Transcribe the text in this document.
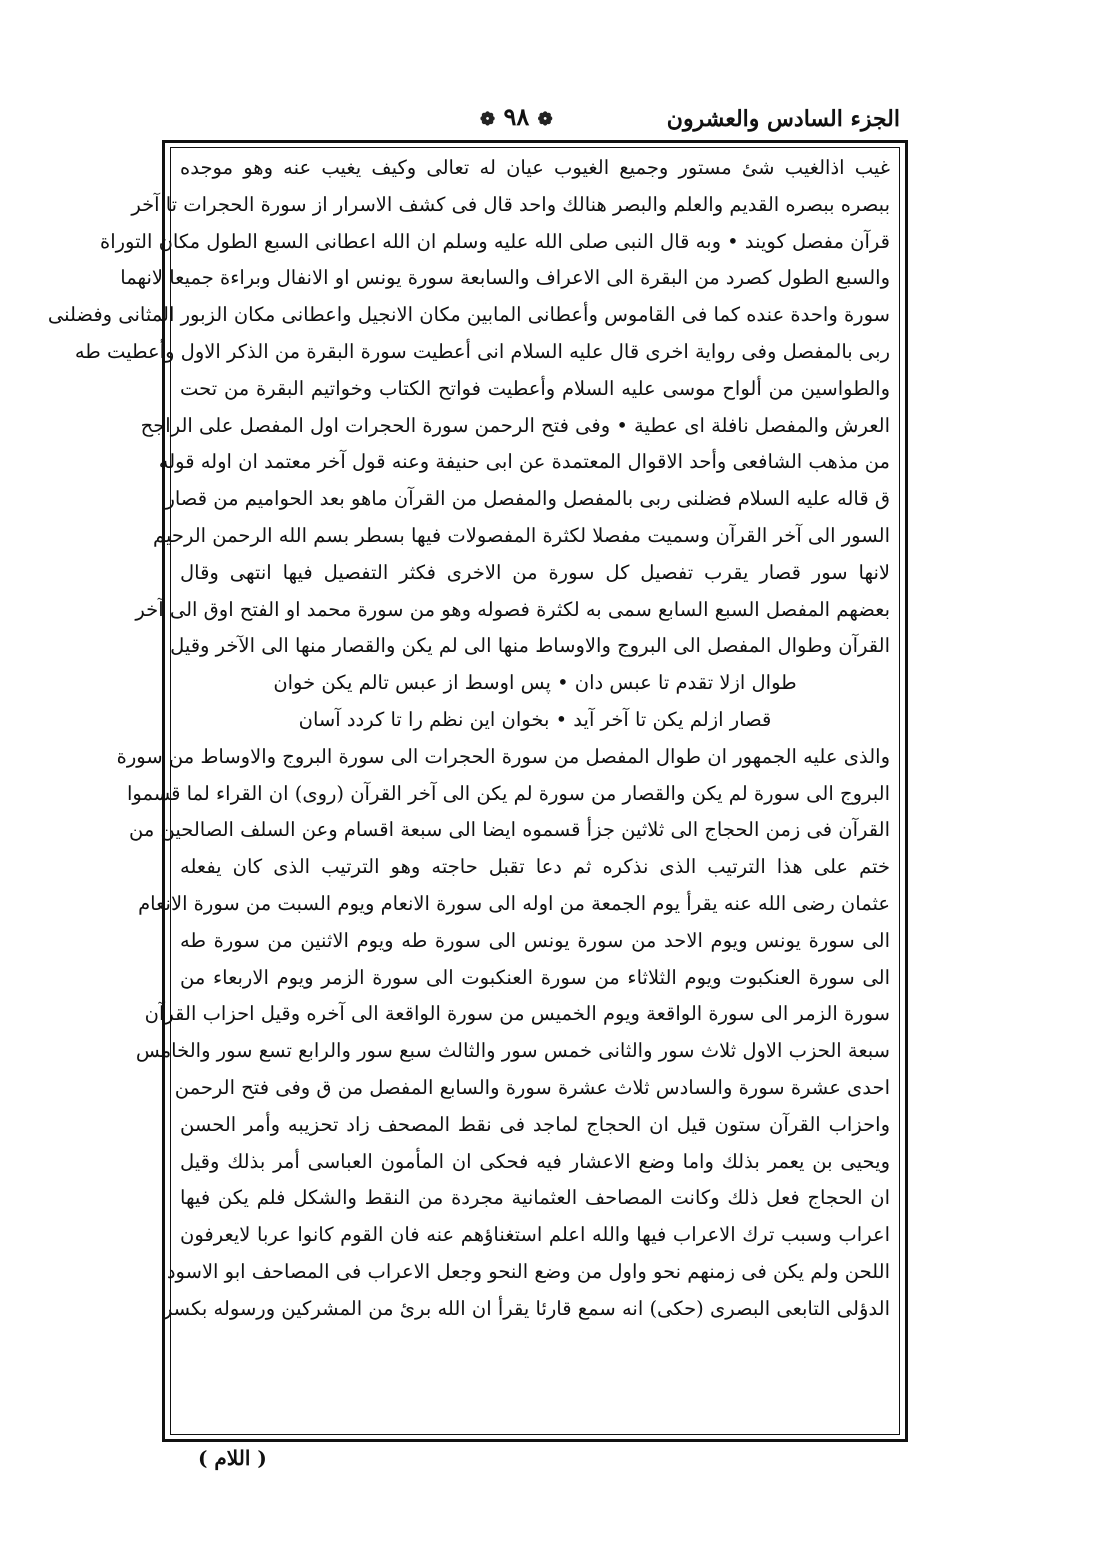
الجزء السادس والعشرون
❁ ۹۸ ❁
غيب اذالغيب شئ مستور وجميع الغيوب عيان له تعالى وكيف يغيب عنه وهو موجده
ببصره ببصره القديم والعلم والبصر هنالك واحد قال فى كشف الاسرار از سورة الحجرات تا آخر
قرآن مفصل كويند • وبه قال النبى صلى الله عليه وسلم ان الله اعطانى السبع الطول مكان التوراة
والسبع الطول كصرد من البقرة الى الاعراف والسابعة سورة يونس او الانفال وبراءة جميعا لانهما
سورة واحدة عنده كما فى القاموس وأعطانى المابين مكان الانجيل واعطانى مكان الزبور المثانى وفضلنى
ربى بالمفصل وفى رواية اخرى قال عليه السلام انى أعطيت سورة البقرة من الذكر الاول وأعطيت طه
والطواسين من ألواح موسى عليه السلام وأعطيت فواتح الكتاب وخواتيم البقرة من تحت
العرش والمفصل نافلة اى عطية • وفى فتح الرحمن سورة الحجرات اول المفصل على الراجح
من مذهب الشافعى وأحد الاقوال المعتمدة عن ابى حنيفة وعنه قول آخر معتمد ان اوله قوله
ق قاله عليه السلام فضلنى ربى بالمفصل والمفصل من القرآن ماهو بعد الحواميم من قصار
السور الى آخر القرآن وسميت مفصلا لكثرة المفصولات فيها بسطر بسم الله الرحمن الرحيم
لانها سور قصار يقرب تفصيل كل سورة من الاخرى فكثر التفصيل فيها انتهى وقال
بعضهم المفصل السبع السابع سمى به لكثرة فصوله وهو من سورة محمد او الفتح اوق الى آخر
القرآن وطوال المفصل الى البروج والاوساط منها الى لم يكن والقصار منها الى الآخر وقيل
طوال ازلا تقدم تا عبس دان • پس اوسط از عبس تالم يكن خوان
قصار ازلم يكن تا آخر آيد • بخوان اين نظم را تا كردد آسان
والذى عليه الجمهور ان طوال المفصل من سورة الحجرات الى سورة البروج والاوساط من سورة
البروج الى سورة لم يكن والقصار من سورة لم يكن الى آخر القرآن (روى) ان القراء لما قسموا
القرآن فى زمن الحجاج الى ثلاثين جزأ قسموه ايضا الى سبعة اقسام وعن السلف الصالحين من
ختم على هذا الترتيب الذى نذكره ثم دعا تقبل حاجته وهو الترتيب الذى كان يفعله
عثمان رضى الله عنه يقرأ يوم الجمعة من اوله الى سورة الانعام ويوم السبت من سورة الانعام
الى سورة يونس ويوم الاحد من سورة يونس الى سورة طه ويوم الاثنين من سورة طه
الى سورة العنكبوت ويوم الثلاثاء من سورة العنكبوت الى سورة الزمر ويوم الاربعاء من
سورة الزمر الى سورة الواقعة ويوم الخميس من سورة الواقعة الى آخره وقيل احزاب القرآن
سبعة الحزب الاول ثلاث سور والثانى خمس سور والثالث سبع سور والرابع تسع سور والخامس
احدى عشرة سورة والسادس ثلاث عشرة سورة والسابع المفصل من ق وفى فتح الرحمن
واحزاب القرآن ستون قيل ان الحجاج لماجد فى نقط المصحف زاد تحزيبه وأمر الحسن
ويحيى بن يعمر بذلك واما وضع الاعشار فيه فحكى ان المأمون العباسى أمر بذلك وقيل
ان الحجاج فعل ذلك وكانت المصاحف العثمانية مجردة من النقط والشكل فلم يكن فيها
اعراب وسبب ترك الاعراب فيها والله اعلم استغناؤهم عنه فان القوم كانوا عربا لايعرفون
اللحن ولم يكن فى زمنهم نحو واول من وضع النحو وجعل الاعراب فى المصاحف ابو الاسود
الدؤلى التابعى البصرى (حكى) انه سمع قارئا يقرأ ان الله برئ من المشركين ورسوله بكسر
( اللام )
